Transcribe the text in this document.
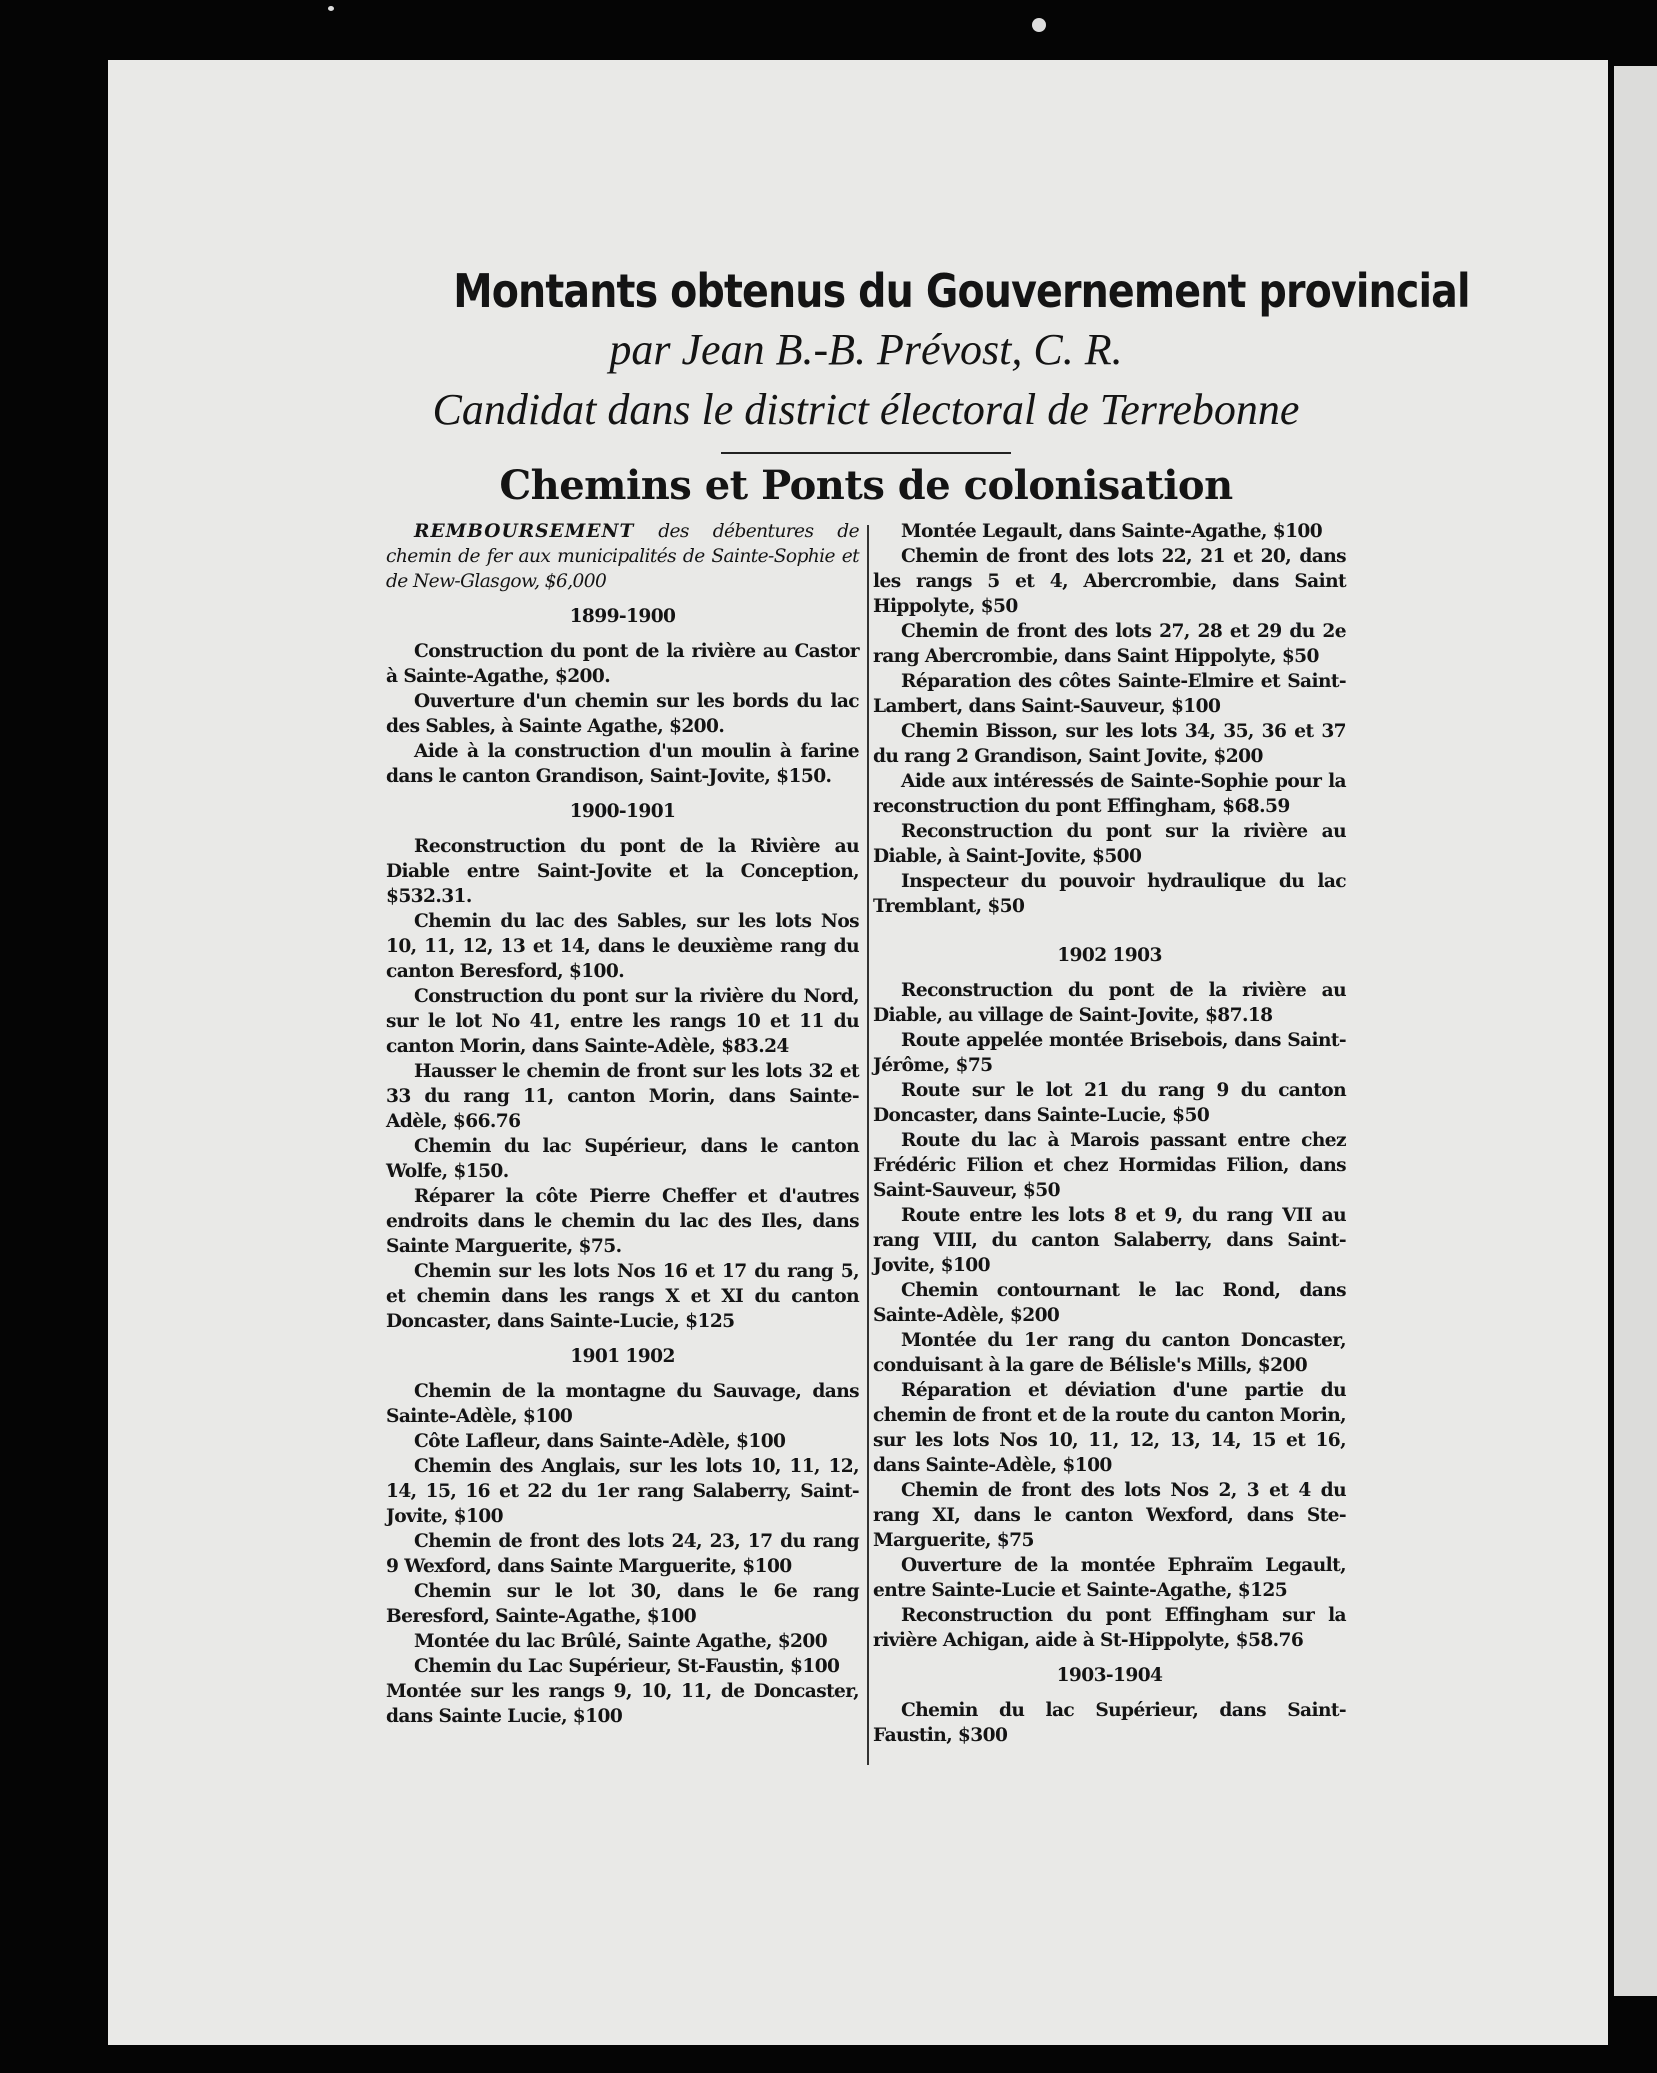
Montants obtenus du Gouvernement provincial

par Jean B.-B. Prévost, C. R.

Candidat dans le district électoral de Terrebonne

Chemins et Ponts de colonisation

REMBOURSEMENT des débentures de chemin de fer aux municipalités de Sainte-Sophie et de New-Glasgow, $6,000

1899-1900
Construction du pont de la rivière au Castor à Sainte-Agathe, $200.
Ouverture d'un chemin sur les bords du lac des Sables, à Sainte Agathe, $200.
Aide à la construction d'un moulin à farine dans le canton Grandison, Saint-Jovite, $150.
1900-1901
Reconstruction du pont de la Rivière au Diable entre Saint-Jovite et la Conception, $532.31.
Chemin du lac des Sables, sur les lots Nos 10, 11, 12, 13 et 14, dans le deuxième rang du canton Beresford, $100.
Construction du pont sur la rivière du Nord, sur le lot No 41, entre les rangs 10 et 11 du canton Morin, dans Sainte-Adèle, $83.24
Hausser le chemin de front sur les lots 32 et 33 du rang 11, canton Morin, dans Sainte-Adèle, $66.76
Chemin du lac Supérieur, dans le canton Wolfe, $150.
Réparer la côte Pierre Cheffer et d'autres endroits dans le chemin du lac des Iles, dans Sainte Marguerite, $75.
Chemin sur les lots Nos 16 et 17 du rang 5, et chemin dans les rangs X et XI du canton Doncaster, dans Sainte-Lucie, $125
1901 1902
Chemin de la montagne du Sauvage, dans Sainte-Adèle, $100
Côte Lafleur, dans Sainte-Adèle, $100
Chemin des Anglais, sur les lots 10, 11, 12, 14, 15, 16 et 22 du 1er rang Salaberry, Saint-Jovite, $100
Chemin de front des lots 24, 23, 17 du rang 9 Wexford, dans Sainte Marguerite, $100
Chemin sur le lot 30, dans le 6e rang Beresford, Sainte-Agathe, $100
Montée du lac Brûlé, Sainte Agathe, $200
Chemin du Lac Supérieur, St-Faustin, $100
Montée sur les rangs 9, 10, 11, de Doncaster, dans Sainte Lucie, $100
Montée Legault, dans Sainte-Agathe, $100
Chemin de front des lots 22, 21 et 20, dans les rangs 5 et 4, Abercrombie, dans Saint Hippolyte, $50
Chemin de front des lots 27, 28 et 29 du 2e rang Abercrombie, dans Saint Hippolyte, $50
Réparation des côtes Sainte-Elmire et Saint-Lambert, dans Saint-Sauveur, $100
Chemin Bisson, sur les lots 34, 35, 36 et 37 du rang 2 Grandison, Saint Jovite, $200
Aide aux intéressés de Sainte-Sophie pour la reconstruction du pont Effingham, $68.59
Reconstruction du pont sur la rivière au Diable, à Saint-Jovite, $500
Inspecteur du pouvoir hydraulique du lac Tremblant, $50
1902 1903
Reconstruction du pont de la rivière au Diable, au village de Saint-Jovite, $87.18
Route appelée montée Brisebois, dans Saint-Jérôme, $75
Route sur le lot 21 du rang 9 du canton Doncaster, dans Sainte-Lucie, $50
Route du lac à Marois passant entre chez Frédéric Filion et chez Hormidas Filion, dans Saint-Sauveur, $50
Route entre les lots 8 et 9, du rang VII au rang VIII, du canton Salaberry, dans Saint-Jovite, $100
Chemin contournant le lac Rond, dans Sainte-Adèle, $200
Montée du 1er rang du canton Doncaster, conduisant à la gare de Bélisle's Mills, $200
Réparation et déviation d'une partie du chemin de front et de la route du canton Morin, sur les lots Nos 10, 11, 12, 13, 14, 15 et 16, dans Sainte-Adèle, $100
Chemin de front des lots Nos 2, 3 et 4 du rang XI, dans le canton Wexford, dans Ste-Marguerite, $75
Ouverture de la montée Ephraïm Legault, entre Sainte-Lucie et Sainte-Agathe, $125
Reconstruction du pont Effingham sur la rivière Achigan, aide à St-Hippolyte, $58.76
1903-1904
Chemin du lac Supérieur, dans Saint-Faustin, $300
